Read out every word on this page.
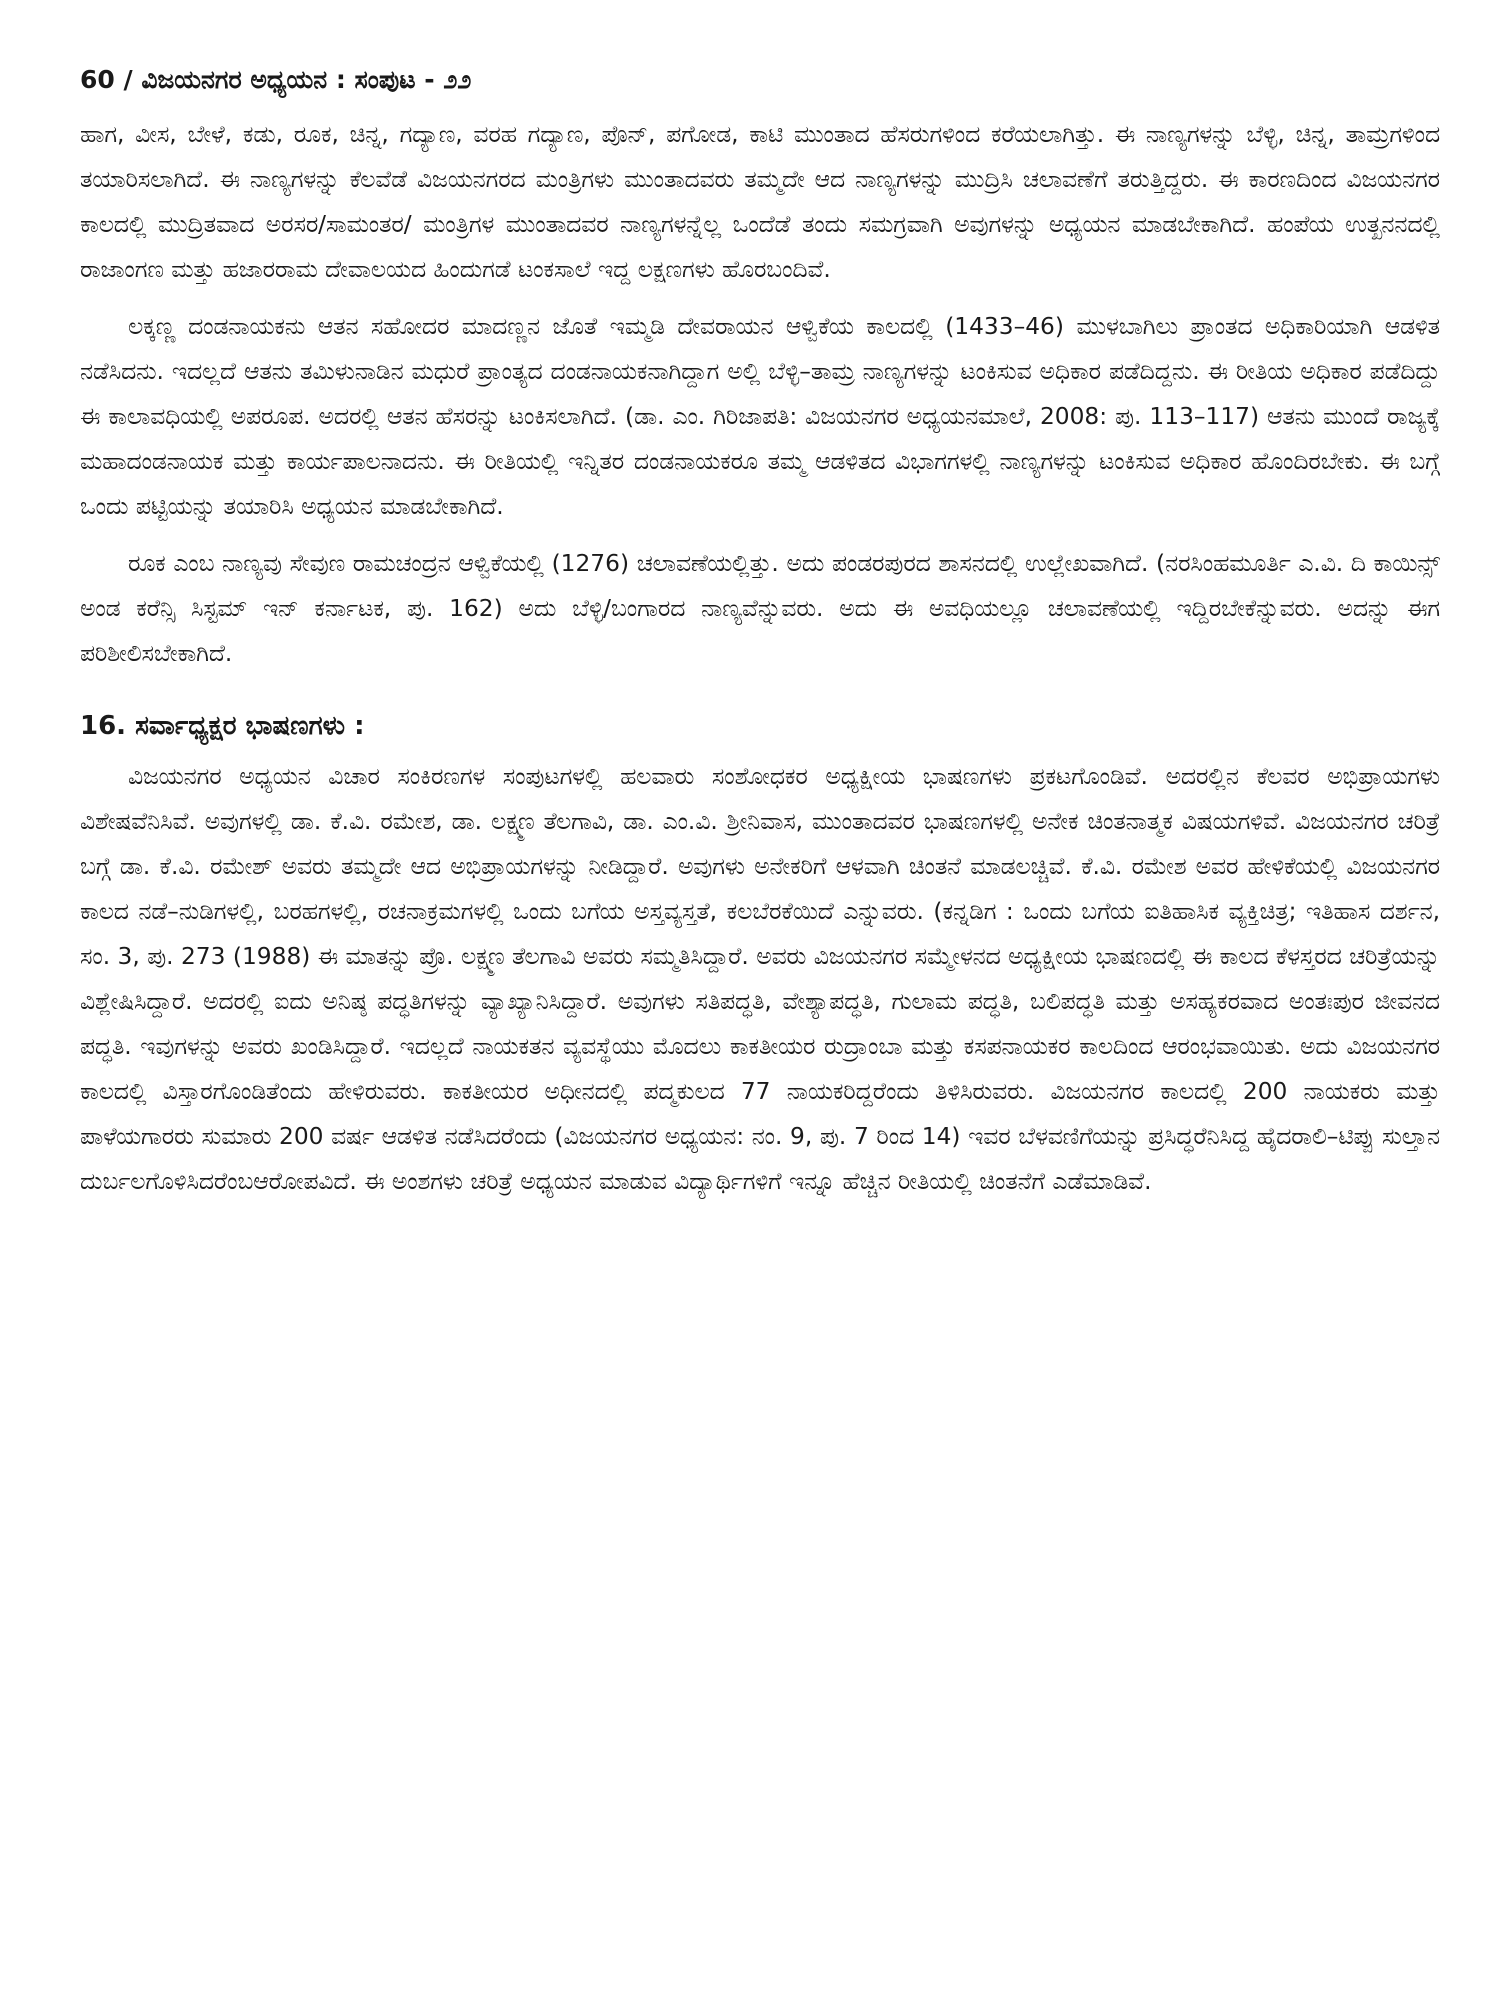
60 / ವಿಜಯನಗರ ಅಧ್ಯಯನ : ಸಂಪುಟ - ೨೨

ಹಾಗ, ವೀಸ, ಬೇಳೆ, ಕಡು, ರೂಕ, ಚಿನ್ನ, ಗದ್ಯಾಣ, ವರಹ ಗದ್ಯಾಣ, ಪೊನ್, ಪಗೋಡ, ಕಾಟಿ ಮುಂತಾದ ಹೆಸರುಗಳಿಂದ ಕರೆಯಲಾಗಿತ್ತು. ಈ ನಾಣ್ಯಗಳನ್ನು ಬೆಳ್ಳಿ, ಚಿನ್ನ, ತಾಮ್ರಗಳಿಂದ ತಯಾರಿಸಲಾಗಿದೆ. ಈ ನಾಣ್ಯಗಳನ್ನು ಕೆಲವೆಡೆ ವಿಜಯನಗರದ ಮಂತ್ರಿಗಳು ಮುಂತಾದವರು ತಮ್ಮದೇ ಆದ ನಾಣ್ಯಗಳನ್ನು ಮುದ್ರಿಸಿ ಚಲಾವಣೆಗೆ ತರುತ್ತಿದ್ದರು. ಈ ಕಾರಣದಿಂದ ವಿಜಯನಗರ ಕಾಲದಲ್ಲಿ ಮುದ್ರಿತವಾದ ಅರಸರ/ಸಾಮಂತರ/ ಮಂತ್ರಿಗಳ ಮುಂತಾದವರ ನಾಣ್ಯಗಳನ್ನೆಲ್ಲ ಒಂದೆಡೆ ತಂದು ಸಮಗ್ರವಾಗಿ ಅವುಗಳನ್ನು ಅಧ್ಯಯನ ಮಾಡಬೇಕಾಗಿದೆ. ಹಂಪೆಯ ಉತ್ಖನನದಲ್ಲಿ ರಾಜಾಂಗಣ ಮತ್ತು ಹಜಾರರಾಮ ದೇವಾಲಯದ ಹಿಂದುಗಡೆ ಟಂಕಸಾಲೆ ಇದ್ದ ಲಕ್ಷಣಗಳು ಹೊರಬಂದಿವೆ.

ಲಕ್ಕಣ್ಣ ದಂಡನಾಯಕನು ಆತನ ಸಹೋದರ ಮಾದಣ್ಣನ ಜೊತೆ ಇಮ್ಮಡಿ ದೇವರಾಯನ ಆಳ್ವಿಕೆಯ ಕಾಲದಲ್ಲಿ (1433–46) ಮುಳಬಾಗಿಲು ಪ್ರಾಂತದ ಅಧಿಕಾರಿಯಾಗಿ ಆಡಳಿತ ನಡೆಸಿದನು. ಇದಲ್ಲದೆ ಆತನು ತಮಿಳುನಾಡಿನ ಮಧುರೆ ಪ್ರಾಂತ್ಯದ ದಂಡನಾಯಕನಾಗಿದ್ದಾಗ ಅಲ್ಲಿ ಬೆಳ್ಳಿ–ತಾಮ್ರ ನಾಣ್ಯಗಳನ್ನು ಟಂಕಿಸುವ ಅಧಿಕಾರ ಪಡೆದಿದ್ದನು. ಈ ರೀತಿಯ ಅಧಿಕಾರ ಪಡೆದಿದ್ದು ಈ ಕಾಲಾವಧಿಯಲ್ಲಿ ಅಪರೂಪ. ಅದರಲ್ಲಿ ಆತನ ಹೆಸರನ್ನು ಟಂಕಿಸಲಾಗಿದೆ. (ಡಾ. ಎಂ. ಗಿರಿಜಾಪತಿ: ವಿಜಯನಗರ ಅಧ್ಯಯನಮಾಲೆ, 2008: ಪು. 113–117) ಆತನು ಮುಂದೆ ರಾಜ್ಯಕ್ಕೆ ಮಹಾದಂಡನಾಯಕ ಮತ್ತು ಕಾರ್ಯಪಾಲನಾದನು. ಈ ರೀತಿಯಲ್ಲಿ ಇನ್ನಿತರ ದಂಡನಾಯಕರೂ ತಮ್ಮ ಆಡಳಿತದ ವಿಭಾಗಗಳಲ್ಲಿ ನಾಣ್ಯಗಳನ್ನು ಟಂಕಿಸುವ ಅಧಿಕಾರ ಹೊಂದಿರಬೇಕು. ಈ ಬಗ್ಗೆ ಒಂದು ಪಟ್ಟಿಯನ್ನು ತಯಾರಿಸಿ ಅಧ್ಯಯನ ಮಾಡಬೇಕಾಗಿದೆ.

ರೂಕ ಎಂಬ ನಾಣ್ಯವು ಸೇವುಣ ರಾಮಚಂದ್ರನ ಆಳ್ವಿಕೆಯಲ್ಲಿ (1276) ಚಲಾವಣೆಯಲ್ಲಿತ್ತು. ಅದು ಪಂಡರಪುರದ ಶಾಸನದಲ್ಲಿ ಉಲ್ಲೇಖವಾಗಿದೆ. (ನರಸಿಂಹಮೂರ್ತಿ ಎ.ವಿ. ದಿ ಕಾಯಿನ್ಸ್ ಅಂಡ ಕರೆನ್ಸಿ ಸಿಸ್ಟಮ್ ಇನ್ ಕರ್ನಾಟಕ, ಪು. 162) ಅದು ಬೆಳ್ಳಿ/ಬಂಗಾರದ ನಾಣ್ಯವೆನ್ನುವರು. ಅದು ಈ ಅವಧಿಯಲ್ಲೂ ಚಲಾವಣೆಯಲ್ಲಿ ಇದ್ದಿರಬೇಕೆನ್ನುವರು. ಅದನ್ನು ಈಗ ಪರಿಶೀಲಿಸಬೇಕಾಗಿದೆ.

16. ಸರ್ವಾಧ್ಯಕ್ಷರ ಭಾಷಣಗಳು :

ವಿಜಯನಗರ ಅಧ್ಯಯನ ವಿಚಾರ ಸಂಕಿರಣಗಳ ಸಂಪುಟಗಳಲ್ಲಿ ಹಲವಾರು ಸಂಶೋಧಕರ ಅಧ್ಯಕ್ಷೀಯ ಭಾಷಣಗಳು ಪ್ರಕಟಗೊಂಡಿವೆ. ಅದರಲ್ಲಿನ ಕೆಲವರ ಅಭಿಪ್ರಾಯಗಳು ವಿಶೇಷವೆನಿಸಿವೆ. ಅವುಗಳಲ್ಲಿ ಡಾ. ಕೆ.ವಿ. ರಮೇಶ, ಡಾ. ಲಕ್ಷ್ಮಣ ತೆಲಗಾವಿ, ಡಾ. ಎಂ.ವಿ. ಶ್ರೀನಿವಾಸ, ಮುಂತಾದವರ ಭಾಷಣಗಳಲ್ಲಿ ಅನೇಕ ಚಿಂತನಾತ್ಮಕ ವಿಷಯಗಳಿವೆ. ವಿಜಯನಗರ ಚರಿತ್ರೆ ಬಗ್ಗೆ ಡಾ. ಕೆ.ವಿ. ರಮೇಶ್ ಅವರು ತಮ್ಮದೇ ಆದ ಅಭಿಪ್ರಾಯಗಳನ್ನು ನೀಡಿದ್ದಾರೆ. ಅವುಗಳು ಅನೇಕರಿಗೆ ಆಳವಾಗಿ ಚಿಂತನೆ ಮಾಡಲಚ್ಚಿವೆ. ಕೆ.ವಿ. ರಮೇಶ ಅವರ ಹೇಳಿಕೆಯಲ್ಲಿ ವಿಜಯನಗರ ಕಾಲದ ನಡೆ–ನುಡಿಗಳಲ್ಲಿ, ಬರಹಗಳಲ್ಲಿ, ರಚನಾಕ್ರಮಗಳಲ್ಲಿ ಒಂದು ಬಗೆಯ ಅಸ್ತವ್ಯಸ್ತತೆ, ಕಲಬೆರಕೆಯಿದೆ ಎನ್ನುವರು. (ಕನ್ನಡಿಗ : ಒಂದು ಬಗೆಯ ಐತಿಹಾಸಿಕ ವ್ಯಕ್ತಿಚಿತ್ರ; ಇತಿಹಾಸ ದರ್ಶನ, ಸಂ. 3, ಪು. 273 (1988) ಈ ಮಾತನ್ನು ಪ್ರೊ. ಲಕ್ಷ್ಮಣ ತೆಲಗಾವಿ ಅವರು ಸಮ್ಮತಿಸಿದ್ದಾರೆ. ಅವರು ವಿಜಯನಗರ ಸಮ್ಮೇಳನದ ಅಧ್ಯಕ್ಷೀಯ ಭಾಷಣದಲ್ಲಿ ಈ ಕಾಲದ ಕೆಳಸ್ತರದ ಚರಿತ್ರೆಯನ್ನು ವಿಶ್ಲೇಷಿಸಿದ್ದಾರೆ. ಅದರಲ್ಲಿ ಐದು ಅನಿಷ್ಠ ಪದ್ಧತಿಗಳನ್ನು ವ್ಯಾಖ್ಯಾನಿಸಿದ್ದಾರೆ. ಅವುಗಳು ಸತಿಪದ್ಧತಿ, ವೇಶ್ಯಾಪದ್ಧತಿ, ಗುಲಾಮ ಪದ್ಧತಿ, ಬಲಿಪದ್ಧತಿ ಮತ್ತು ಅಸಹ್ಯಕರವಾದ ಅಂತಃಪುರ ಜೀವನದ ಪದ್ಧತಿ. ಇವುಗಳನ್ನು ಅವರು ಖಂಡಿಸಿದ್ದಾರೆ. ಇದಲ್ಲದೆ ನಾಯಕತನ ವ್ಯವಸ್ಥೆಯು ಮೊದಲು ಕಾಕತೀಯರ ರುದ್ರಾಂಬಾ ಮತ್ತು ಕಸಪನಾಯಕರ ಕಾಲದಿಂದ ಆರಂಭವಾಯಿತು. ಅದು ವಿಜಯನಗರ ಕಾಲದಲ್ಲಿ ವಿಸ್ತಾರಗೊಂಡಿತೆಂದು ಹೇಳಿರುವರು. ಕಾಕತೀಯರ ಅಧೀನದಲ್ಲಿ ಪದ್ಮಕುಲದ 77 ನಾಯಕರಿದ್ದರೆಂದು ತಿಳಿಸಿರುವರು. ವಿಜಯನಗರ ಕಾಲದಲ್ಲಿ 200 ನಾಯಕರು ಮತ್ತು ಪಾಳೆಯಗಾರರು ಸುಮಾರು 200 ವರ್ಷ ಆಡಳಿತ ನಡೆಸಿದರೆಂದು (ವಿಜಯನಗರ ಅಧ್ಯಯನ: ನಂ. 9, ಪು. 7 ರಿಂದ 14) ಇವರ ಬೆಳವಣಿಗೆಯನ್ನು ಪ್ರಸಿದ್ಧರೆನಿಸಿದ್ದ ಹೈದರಾಲಿ–ಟಿಪ್ಪು ಸುಲ್ತಾನ ದುರ್ಬಲಗೊಳಿಸಿದರೆಂಬಆರೋಪವಿದೆ. ಈ ಅಂಶಗಳು ಚರಿತ್ರೆ ಅಧ್ಯಯನ ಮಾಡುವ ವಿದ್ಯಾರ್ಥಿಗಳಿಗೆ ಇನ್ನೂ ಹೆಚ್ಚಿನ ರೀತಿಯಲ್ಲಿ ಚಿಂತನೆಗೆ ಎಡೆಮಾಡಿವೆ.
